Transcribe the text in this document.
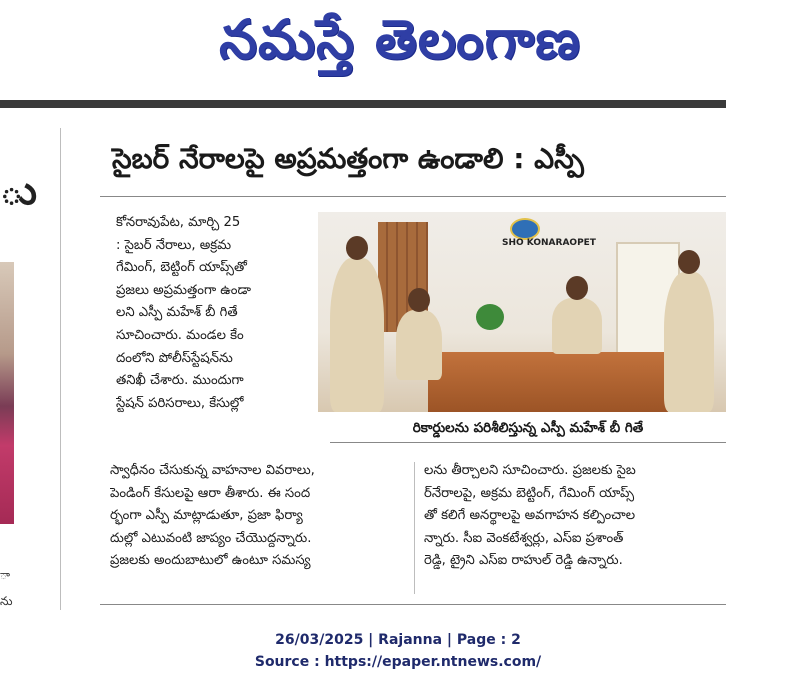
నమస్తే తెలంగాణ
ు
ా
ను
సైబర్ నేరాలపై అప్రమత్తంగా ఉండాలి : ఎస్పీ
కోనరావుపేట, మార్చి 25
: సైబర్ నేరాలు, అక్రమ
గేమింగ్, బెట్టింగ్ యాప్స్‌తో
ప్రజలు అప్రమత్తంగా ఉండా
లని ఎస్పీ మహేశ్ బీ గితే
సూచించారు. మండల కేం
దంలోని పోలీస్‌స్టేషన్‌ను
తనిఖీ చేశారు. ముందుగా
స్టేషన్ పరిసరాలు, కేసుల్లో
SHO KONARAOPET
రికార్డులను పరిశీలిస్తున్న ఎస్పీ మహేశ్ బీ గితే
స్వాధీనం చేసుకున్న వాహనాల వివరాలు,
పెండింగ్ కేసులపై ఆరా తీశారు. ఈ సంద
ర్భంగా ఎస్పీ మాట్లాడుతూ, ప్రజా ఫిర్యా
దుల్లో ఎటువంటి జాప్యం చేయొద్దన్నారు.
ప్రజలకు అందుబాటులో ఉంటూ సమస్య
లను తీర్చాలని సూచించారు. ప్రజలకు సైబ
ర్‌నేరాలపై, అక్రమ బెట్టింగ్, గేమింగ్ యాప్స్
తో కలిగే అనర్థాలపై అవగాహన కల్పించాల
న్నారు. సీఐ వెంకటేశ్వర్లు, ఎస్ఐ ప్రశాంత్
రెడ్డి, ట్రైని ఎస్ఐ రాహుల్ రెడ్డి ఉన్నారు.
26/03/2025 | Rajanna | Page : 2
Source : https://epaper.ntnews.com/
